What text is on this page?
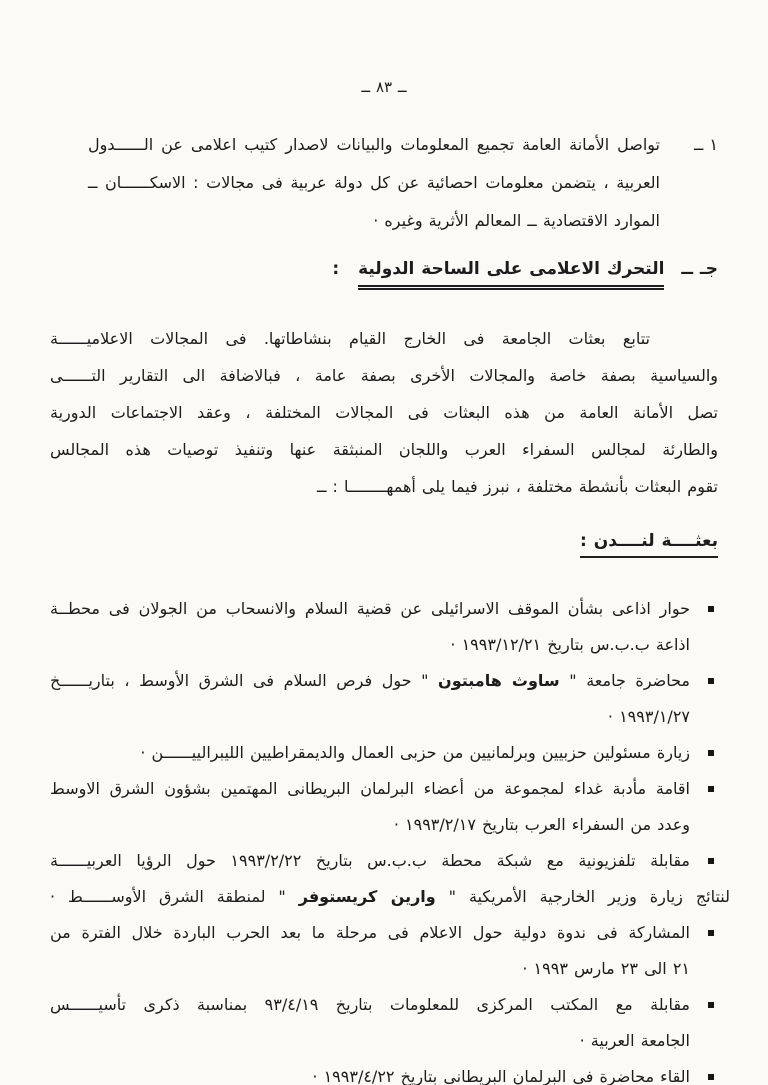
ــ ٨٣ ــ
١ ــ
تواصل الأمانة العامة تجميع المعلومات والبيانات لاصدار كتيب اعلامى عن الــــــدول
العربية ، يتضمن معلومات احصائية عن كل دولة عربية فى مجالات : الاسكــــــان ــ
الموارد الاقتصادية ــ المعالم الأثرية وغيره ·
جـ ــ التحرك الاعلامى على الساحة الدولية :
تتابع بعثات الجامعة فى الخارج القيام بنشاطاتها. فى المجالات الاعلاميــــــة
والسياسية بصفة خاصة والمجالات الأخرى بصفة عامة ، فبالاضافة الى التقارير التــــــى
تصل الأمانة العامة من هذه البعثات فى المجالات المختلفة ، وعقد الاجتماعات الدورية
والطارئة لمجالس السفراء العرب واللجان المنبثقة عنها وتنفيذ توصيات هذه المجالس
تقوم البعثات بأنشطة مختلفة ، نبرز فيما يلى أهمهــــــــا : ــ
بعثــــة لنــــدن :
حوار اذاعى بشأن الموقف الاسرائيلى عن قضية السلام والانسحاب من الجولان فى محطــة
اذاعة ب.ب.س بتاريخ ١٩٩٣/١٢/٢١ ·
محاضرة جامعة " ساوث هامبتون " حول فرص السلام فى الشرق الأوسط ، بتاريــــــخ
١٩٩٣/١/٢٧ ·
زيارة مسئولين حزبيين وبرلمانيين من حزبى العمال والديمقراطيين الليبرالييــــــن ·
اقامة مأدبة غداء لمجموعة من أعضاء البرلمان البريطانى المهتمين بشؤون الشرق الاوسط
وعدد من السفراء العرب بتاريخ ١٩٩٣/٢/١٧ ·
مقابلة تلفزيونية مع شبكة محطة ب.ب.س بتاريخ ١٩٩٣/٢/٢٢ حول الرؤيا العربيــــــة
لنتائج زيارة وزير الخارجية الأمريكية " وارين كريستوفر " لمنطقة الشرق الأوســــــط ·
المشاركة فى ندوة دولية حول الاعلام فى مرحلة ما بعد الحرب الباردة خلال الفترة من
٢١ الى ٢٣ مارس ١٩٩٣ ·
مقابلة مع المكتب المركزى للمعلومات بتاريخ ٩٣/٤/١٩ بمناسبة ذكرى تأسيــــــس
الجامعة العربية ·
القاء محاضرة فى البرلمان البريطانى بتاريخ ١٩٩٣/٤/٢٢ ·
